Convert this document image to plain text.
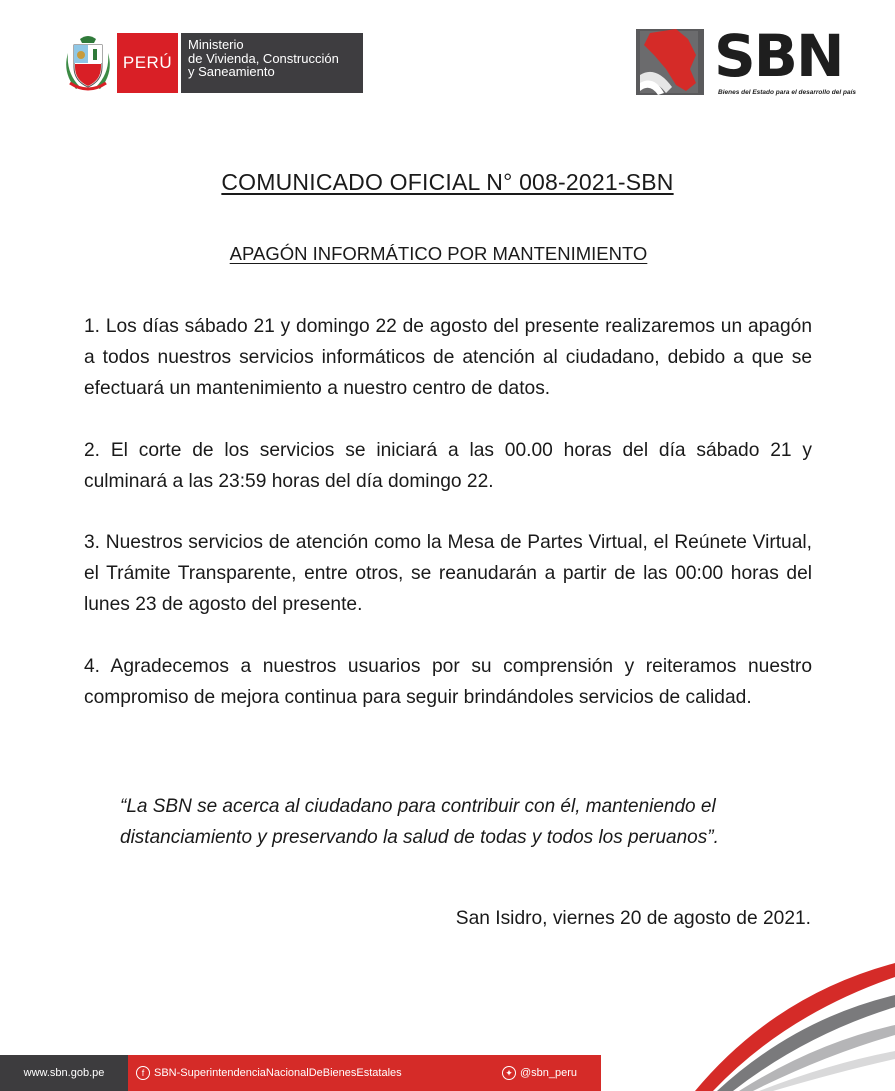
PERÚ
Ministerio
de Vivienda, Construcción
y Saneamiento	SBN
Bienes del Estado para el desarrollo del país
COMUNICADO OFICIAL N° 008-2021-SBN
APAGÓN INFORMÁTICO POR MANTENIMIENTO

1. Los días sábado 21 y domingo 22 de agosto del presente realizaremos un apagón a todos nuestros servicios informáticos de atención al ciudadano, debido a que se efectuará un mantenimiento a nuestro centro de datos.

2. El corte de los servicios se iniciará a las 00.00 horas del día sábado 21 y culminará a las 23:59 horas del día domingo 22.

3. Nuestros servicios de atención como la Mesa de Partes Virtual, el Reúnete Virtual, el Trámite Transparente, entre otros, se reanudarán a partir de las 00:00 horas del lunes 23 de agosto del presente.

4. Agradecemos a nuestros usuarios por su comprensión y reiteramos nuestro compromiso de mejora continua para seguir brindándoles servicios de calidad.

“La SBN se acerca al ciudadano para contribuir con él, manteniendo el distanciamiento y preservando la salud de todas y todos los peruanos”.

San Isidro, viernes 20 de agosto de 2021.
www.sbn.gob.pe	f SBN-SuperintendenciaNacionalDeBienesEstatales	✦ @sbn_peru
